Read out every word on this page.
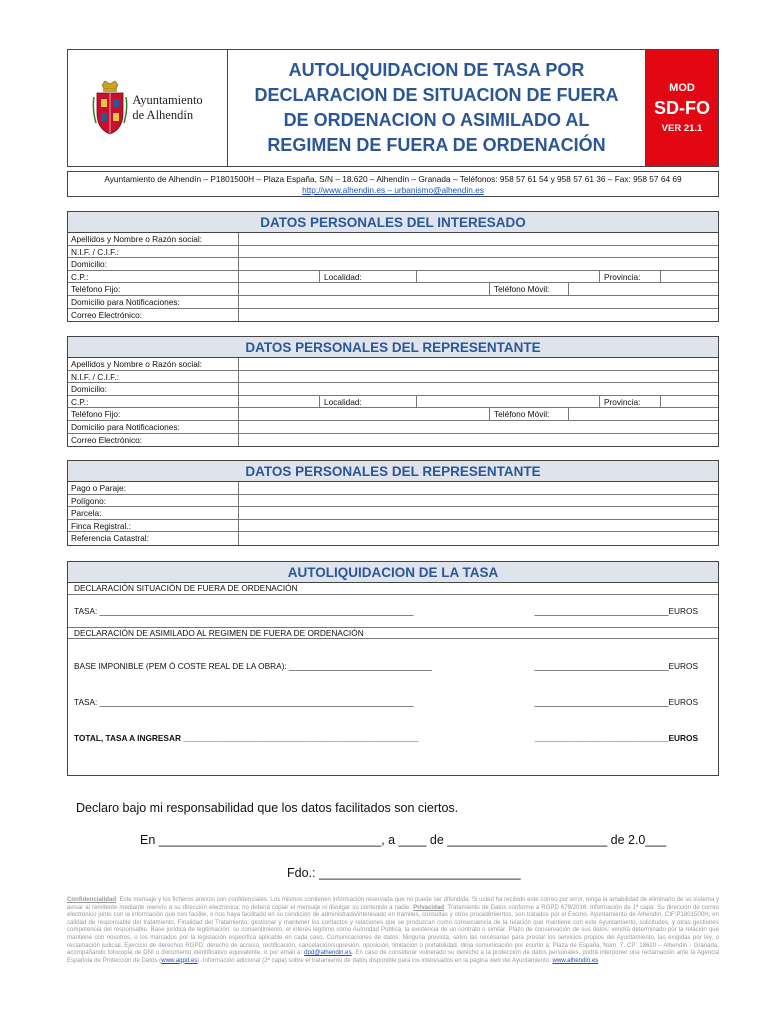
Ayuntamiento
de Alhendín
AUTOLIQUIDACION DE TASA POR
DECLARACION DE SITUACION DE FUERA
DE ORDENACION O ASIMILADO AL
REGIMEN DE FUERA DE ORDENACIÓN
MOD
SD-FO
VER 21.1
Ayuntamiento de Alhendín – P1801500H – Plaza España, S/N – 18.620 – Alhendín – Granada – Teléfonos: 958 57 61 54 y 958 57 61 36 – Fax: 958 57 64 69
http://www.alhendin.es – urbanismo@alhendin.es
DATOS PERSONALES DEL INTERESADO
Apellidos y Nombre o Razón social:
N.I.F. / C.I.F.:
Domicilio:
C.P.:	Localidad:	Provincia:
Teléfono Fijo:	Teléfono Móvil:
Domicilio para Notificaciones:
Correo Electrónico:
DATOS PERSONALES DEL REPRESENTANTE
Apellidos y Nombre o Razón social:
N.I.F. / C.I.F.:
Domicilio:
C.P.:	Localidad:	Provincia:
Teléfono Fijo:	Teléfono Móvil:
Domicilio para Notificaciones:
Correo Electrónico:
DATOS PERSONALES DEL REPRESENTANTE
Pago o Paraje:
Polígono:
Parcela:
Finca Registral.:
Referencia Catastral:
AUTOLIQUIDACION DE LA TASA
DECLARACIÓN SITUACIÓN DE FUERA DE ORDENACIÓN
TASA: ____________________________________________________________________	_____________________________EUROS
DECLARACIÓN DE ASIMILADO AL REGIMEN DE FUERA DE ORDENACIÓN
BASE IMPONIBLE (PEM Ó COSTE REAL DE LA OBRA): _______________________________	_____________________________EUROS
TASA: ____________________________________________________________________	_____________________________EUROS
TOTAL, TASA A INGRESAR ___________________________________________________	_____________________________EUROS
Declaro bajo mi responsabilidad que los datos facilitados son ciertos.
En ________________________________, a ____ de _______________________ de 2.0___
Fdo.: _____________________________
Confidencialidad: Este mensaje y los ficheros anexos son confidenciales. Los mismos contienen información reservada que no puede ser difundida. Si usted ha recibido este correo por error, tenga la amabilidad de eliminarlo de su sistema y avisar al remitente mediante reenvío a su dirección electrónica; no deberá copiar el mensaje ni divulgar su contenido a nadie. Privacidad: Tratamiento de Datos conforme a RGPD 679/2016: Información de 1ª capa: Su dirección de correo electrónico junto con la información que nos facilite, o nos haya facilitado en su condición de administrado/interesado en trámites, consultas y otros procedimientos, son tratados por el Excmo. Ayuntamiento de Alhendín, CIF:P1801500H, en calidad de responsable del tratamiento. Finalidad del Tratamiento: gestionar y mantener los contactos y relaciones que se produzcan como consecuencia de la relación que mantiene con este Ayuntamiento, solicitudes, y otras gestiones competencia del responsable. Base jurídica de legitimación: su consentimiento, el interés legítimo como Autoridad Pública, la existencia de un contrato o similar. Plazo de conservación de sus datos: vendrá determinado por la relación que mantiene con nosotros, o los marcados por la legislación específica aplicable en cada caso. Comunicaciones de datos: Ninguna prevista, salvo las necesarias para prestar los servicios propios del Ayuntamiento, las exigidas por ley, o reclamación judicial. Ejercicio de derechos RGPD: derecho de acceso, rectificación, cancelación/supresión, oposición, limitación o portabilidad, dirija comunicación por escrito a: Plaza de España, Núm. 7, CP: 18620 – Alhendín - Granada, acompañando fotocopia de DNI o documento identificativo equivalente, o por email a: dpd@alhendin.es. En caso de considerar vulnerado su derecho a la protección de datos personales, podrá interponer una reclamación ante la Agencia Española de Protección de Datos (www.agpd.es). Información adicional (2ª capa) sobre el tratamiento de datos disponible para los interesados en la página web del Ayuntamiento: www.alhendin.es
